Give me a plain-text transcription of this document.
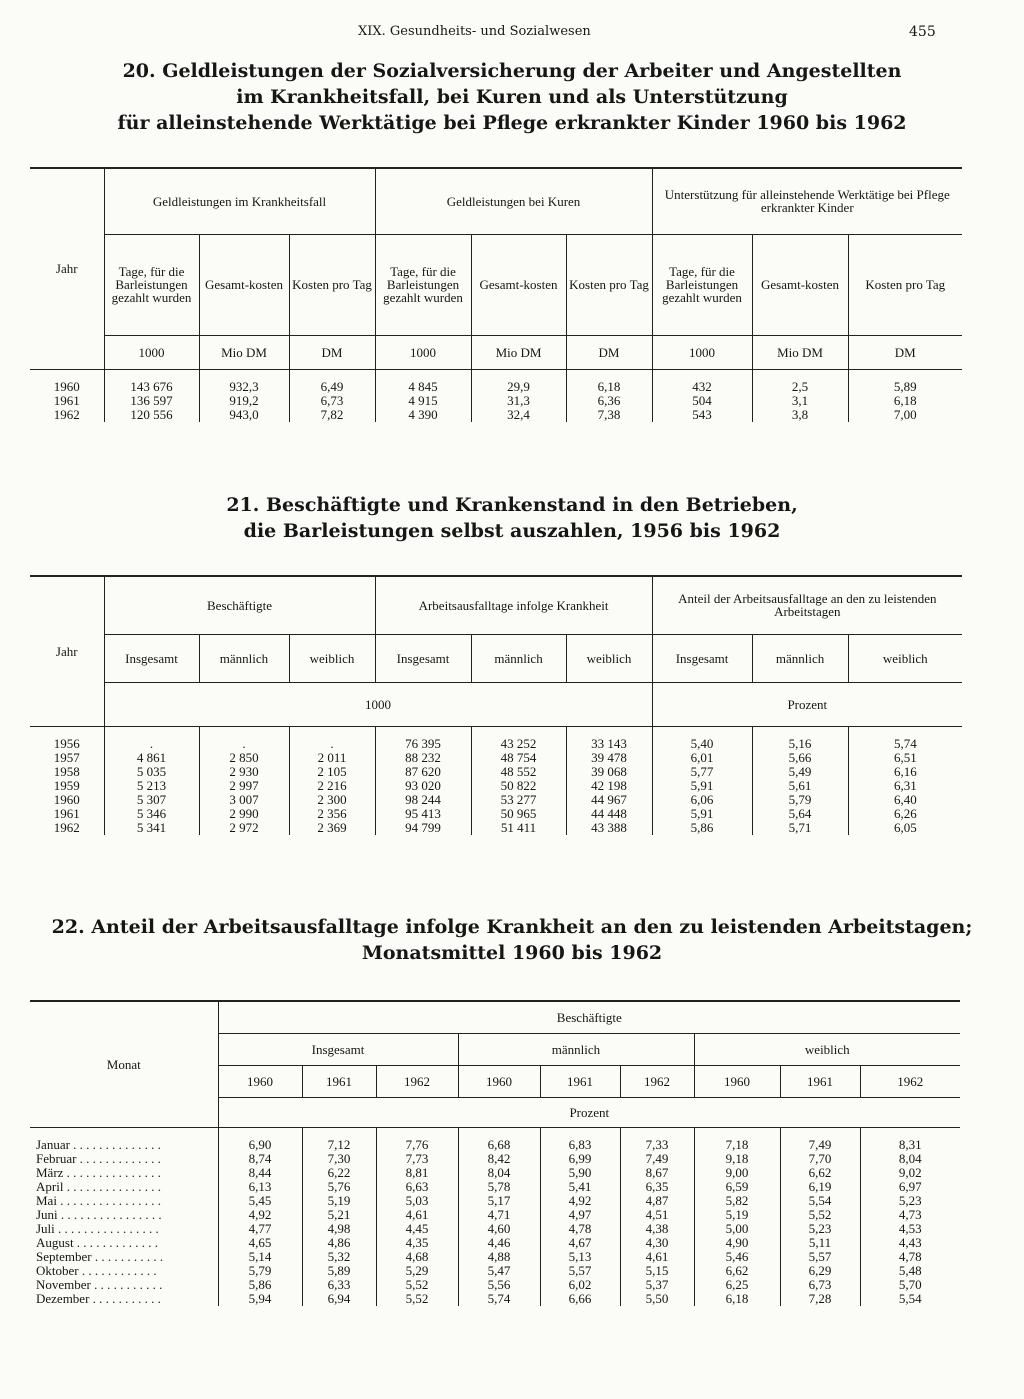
XIX. Gesundheits- und Sozialwesen	455
20. Geldleistungen der Sozialversicherung der Arbeiter und Angestellten
im Krankheitsfall, bei Kuren und als Unterstützung
für alleinstehende Werktätige bei Pflege erkrankter Kinder 1960 bis 1962
Jahr	Geldleistungen im Krankheitsfall			Geldleistungen bei Kuren			Unterstützung für alleinstehende Werktätige bei Pflege erkrankter Kinder		
	Tage, für die Barleistungen gezahlt wurden	Gesamt-kosten	Kosten pro Tag	Tage, für die Barleistungen gezahlt wurden	Gesamt-kosten	Kosten pro Tag	Tage, für die Barleistungen gezahlt wurden	Gesamt-kosten	Kosten pro Tag
	1000	Mio DM	DM	1000	Mio DM	DM	1000	Mio DM	DM
1960	143 676	932,3	6,49	4 845	29,9	6,18	432	2,5	5,89
1961	136 597	919,2	6,73	4 915	31,3	6,36	504	3,1	6,18
1962	120 556	943,0	7,82	4 390	32,4	7,38	543	3,8	7,00
21. Beschäftigte und Krankenstand in den Betrieben,
die Barleistungen selbst auszahlen, 1956 bis 1962
Jahr	Beschäftigte			Arbeitsausfalltage infolge Krankheit			Anteil der Arbeitsausfalltage an den zu leistenden Arbeitstagen		
	Insgesamt	männlich	weiblich	Insgesamt	männlich	weiblich	Insgesamt	männlich	weiblich
	1000						Prozent		
1956	.	.	.	76 395	43 252	33 143	5,40	5,16	5,74
1957	4 861	2 850	2 011	88 232	48 754	39 478	6,01	5,66	6,51
1958	5 035	2 930	2 105	87 620	48 552	39 068	5,77	5,49	6,16
1959	5 213	2 997	2 216	93 020	50 822	42 198	5,91	5,61	6,31
1960	5 307	3 007	2 300	98 244	53 277	44 967	6,06	5,79	6,40
1961	5 346	2 990	2 356	95 413	50 965	44 448	5,91	5,64	6,26
1962	5 341	2 972	2 369	94 799	51 411	43 388	5,86	5,71	6,05
22. Anteil der Arbeitsausfalltage infolge Krankheit an den zu leistenden Arbeitstagen;
Monatsmittel 1960 bis 1962
Monat	Beschäftigte								
	Insgesamt			männlich			weiblich		
	1960	1961	1962	1960	1961	1962	1960	1961	1962
	Prozent								
Januar . . . . . . . . . . . . . .	6,90	7,12	7,76	6,68	6,83	7,33	7,18	7,49	8,31
Februar . . . . . . . . . . . . .	8,74	7,30	7,73	8,42	6,99	7,49	9,18	7,70	8,04
März . . . . . . . . . . . . . . .	8,44	6,22	8,81	8,04	5,90	8,67	9,00	6,62	9,02
April . . . . . . . . . . . . . . .	6,13	5,76	6,63	5,78	5,41	6,35	6,59	6,19	6,97
Mai . . . . . . . . . . . . . . . .	5,45	5,19	5,03	5,17	4,92	4,87	5,82	5,54	5,23
Juni . . . . . . . . . . . . . . . .	4,92	5,21	4,61	4,71	4,97	4,51	5,19	5,52	4,73
Juli . . . . . . . . . . . . . . . .	4,77	4,98	4,45	4,60	4,78	4,38	5,00	5,23	4,53
August . . . . . . . . . . . . .	4,65	4,86	4,35	4,46	4,67	4,30	4,90	5,11	4,43
September . . . . . . . . . . .	5,14	5,32	4,68	4,88	5,13	4,61	5,46	5,57	4,78
Oktober . . . . . . . . . . . .	5,79	5,89	5,29	5,47	5,57	5,15	6,62	6,29	5,48
November . . . . . . . . . . .	5,86	6,33	5,52	5,56	6,02	5,37	6,25	6,73	5,70
Dezember . . . . . . . . . . .	5,94	6,94	5,52	5,74	6,66	5,50	6,18	7,28	5,54
